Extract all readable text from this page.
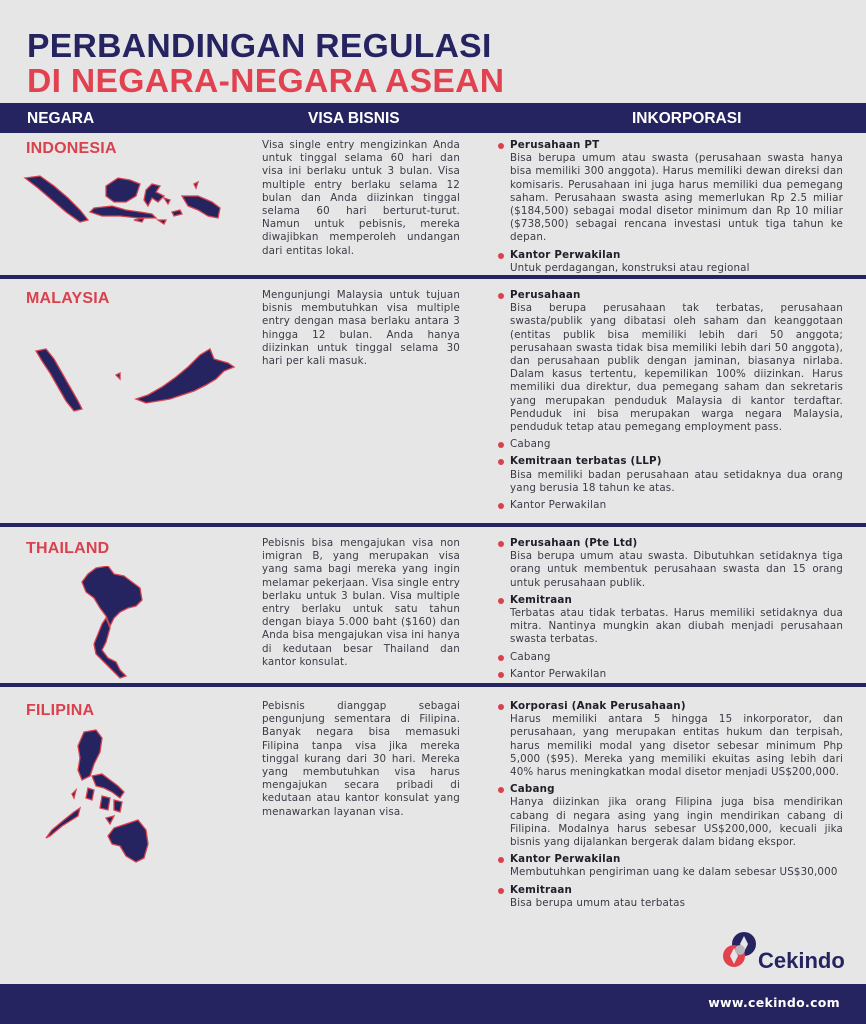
PERBANDINGAN REGULASI
DI NEGARA-NEGARA ASEAN
NEGARA	VISA BISNIS	INKORPORASI
INDONESIA	Visa single entry mengizinkan Anda untuk tinggal selama 60 hari dan visa ini berlaku untuk 3 bulan. Visa multiple entry berlaku selama 12 bulan dan Anda diizinkan tinggal selama 60 hari berturut-turut. Namun untuk pebisnis, mereka diwajibkan memperoleh undangan dari entitas lokal.
Perusahaan PT
Bisa berupa umum atau swasta (perusahaan swasta hanya bisa memiliki 300 anggota). Harus memiliki dewan direksi dan komisaris. Perusahaan ini juga harus memiliki dua pemegang saham. Perusahaan swasta asing memerlukan Rp 2.5 miliar ($184,500) sebagai modal disetor minimum dan Rp 10 miliar ($738,500) sebagai rencana investasi untuk tiga tahun ke depan.
Kantor Perwakilan
Untuk perdagangan, konstruksi atau regional
MALAYSIA	Mengunjungi Malaysia untuk tujuan bisnis membutuhkan visa multiple entry dengan masa berlaku antara 3 hingga 12 bulan. Anda hanya diizinkan untuk tinggal selama 30 hari per kali masuk.
Perusahaan
Bisa berupa perusahaan tak terbatas, perusahaan swasta/publik yang dibatasi oleh saham dan keanggotaan (entitas publik bisa memiliki lebih dari 50 anggota; perusahaan swasta tidak bisa memiliki lebih dari 50 anggota), dan perusahaan publik dengan jaminan, biasanya nirlaba. Dalam kasus tertentu, kepemilikan 100% diizinkan. Harus memiliki dua direktur, dua pemegang saham dan sekretaris yang merupakan penduduk Malaysia di kantor terdaftar. Penduduk ini bisa merupakan warga negara Malaysia, penduduk tetap atau pemegang employment pass.
Cabang
Kemitraan terbatas (LLP)
Bisa memiliki badan perusahaan atau setidaknya dua orang yang berusia 18 tahun ke atas.
Kantor Perwakilan
THAILAND	Pebisnis bisa mengajukan visa non imigran B, yang merupakan visa yang sama bagi mereka yang ingin melamar pekerjaan. Visa single entry berlaku untuk 3 bulan. Visa multiple entry berlaku untuk satu tahun dengan biaya 5.000 baht ($160) dan Anda bisa mengajukan visa ini hanya di kedutaan besar Thailand dan kantor konsulat.
Perusahaan (Pte Ltd)
Bisa berupa umum atau swasta. Dibutuhkan setidaknya tiga orang untuk membentuk perusahaan swasta dan 15 orang untuk perusahaan publik.
Kemitraan
Terbatas atau tidak terbatas. Harus memiliki setidaknya dua mitra. Nantinya mungkin akan diubah menjadi perusahaan swasta terbatas.
Cabang
Kantor Perwakilan
FILIPINA	Pebisnis dianggap sebagai pengunjung sementara di Filipina. Banyak negara bisa memasuki Filipina tanpa visa jika mereka tinggal kurang dari 30 hari. Mereka yang membutuhkan visa harus mengajukan secara pribadi di kedutaan atau kantor konsulat yang menawarkan layanan visa.
Korporasi (Anak Perusahaan)
Harus memiliki antara 5 hingga 15 inkorporator, dan perusahaan, yang merupakan entitas hukum dan terpisah, harus memiliki modal yang disetor sebesar minimum Php 5,000 ($95). Mereka yang memiliki ekuitas asing lebih dari 40% harus meningkatkan modal disetor menjadi US$200,000.
Cabang
Hanya diizinkan jika orang Filipina juga bisa mendirikan cabang di negara asing yang ingin mendirikan cabang di Filipina. Modalnya harus sebesar US$200,000, kecuali jika bisnis yang dijalankan bergerak dalam bidang ekspor.
Kantor Perwakilan
Membutuhkan pengiriman uang ke dalam sebesar US$30,000
Kemitraan
Bisa berupa umum atau terbatas
Cekindo
www.cekindo.com
